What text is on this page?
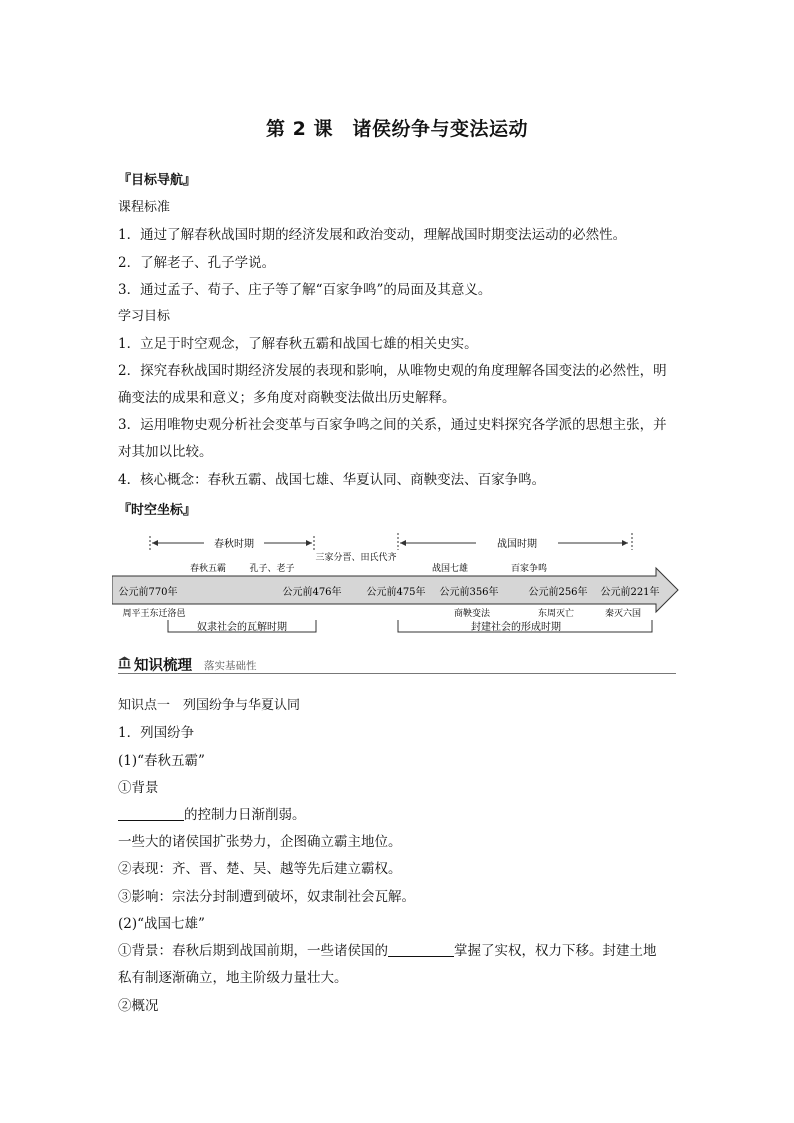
第 2 课　诸侯纷争与变法运动
『目标导航』
课程标准
1．通过了解春秋战国时期的经济发展和政治变动，理解战国时期变法运动的必然性。
2．了解老子、孔子学说。
3．通过孟子、荀子、庄子等了解“百家争鸣”的局面及其意义。
学习目标
1．立足于时空观念，了解春秋五霸和战国七雄的相关史实。
2．探究春秋战国时期经济发展的表现和影响，从唯物史观的角度理解各国变法的必然性，明
确变法的成果和意义；多角度对商鞅变法做出历史解释。
3．运用唯物史观分析社会变革与百家争鸣之间的关系，通过史料探究各学派的思想主张，并
对其加以比较。
4．核心概念：春秋五霸、战国七雄、华夏认同、商鞅变法、百家争鸣。
『时空坐标』
春秋时期	战国时期
三家分晋、田氏代齐
春秋五霸	孔子、老子	战国七雄	百家争鸣
公元前770年	公元前476年 公元前475年 公元前356年	公元前256年 公元前221年
周平王东迁洛邑	商鞅变法	东周灭亡	秦灭六国
奴隶社会的瓦解时期	封建社会的形成时期
知识梳理 落实基础性
知识点一　列国纷争与华夏认同
1．列国纷争
(1)“春秋五霸”
①背景
的控制力日渐削弱。
一些大的诸侯国扩张势力，企图确立霸主地位。
②表现：齐、晋、楚、吴、越等先后建立霸权。
③影响：宗法分封制遭到破坏，奴隶制社会瓦解。
(2)“战国七雄”
①背景：春秋后期到战国前期，一些诸侯国的	掌握了实权，权力下移。封建土地
私有制逐渐确立，地主阶级力量壮大。
②概况
